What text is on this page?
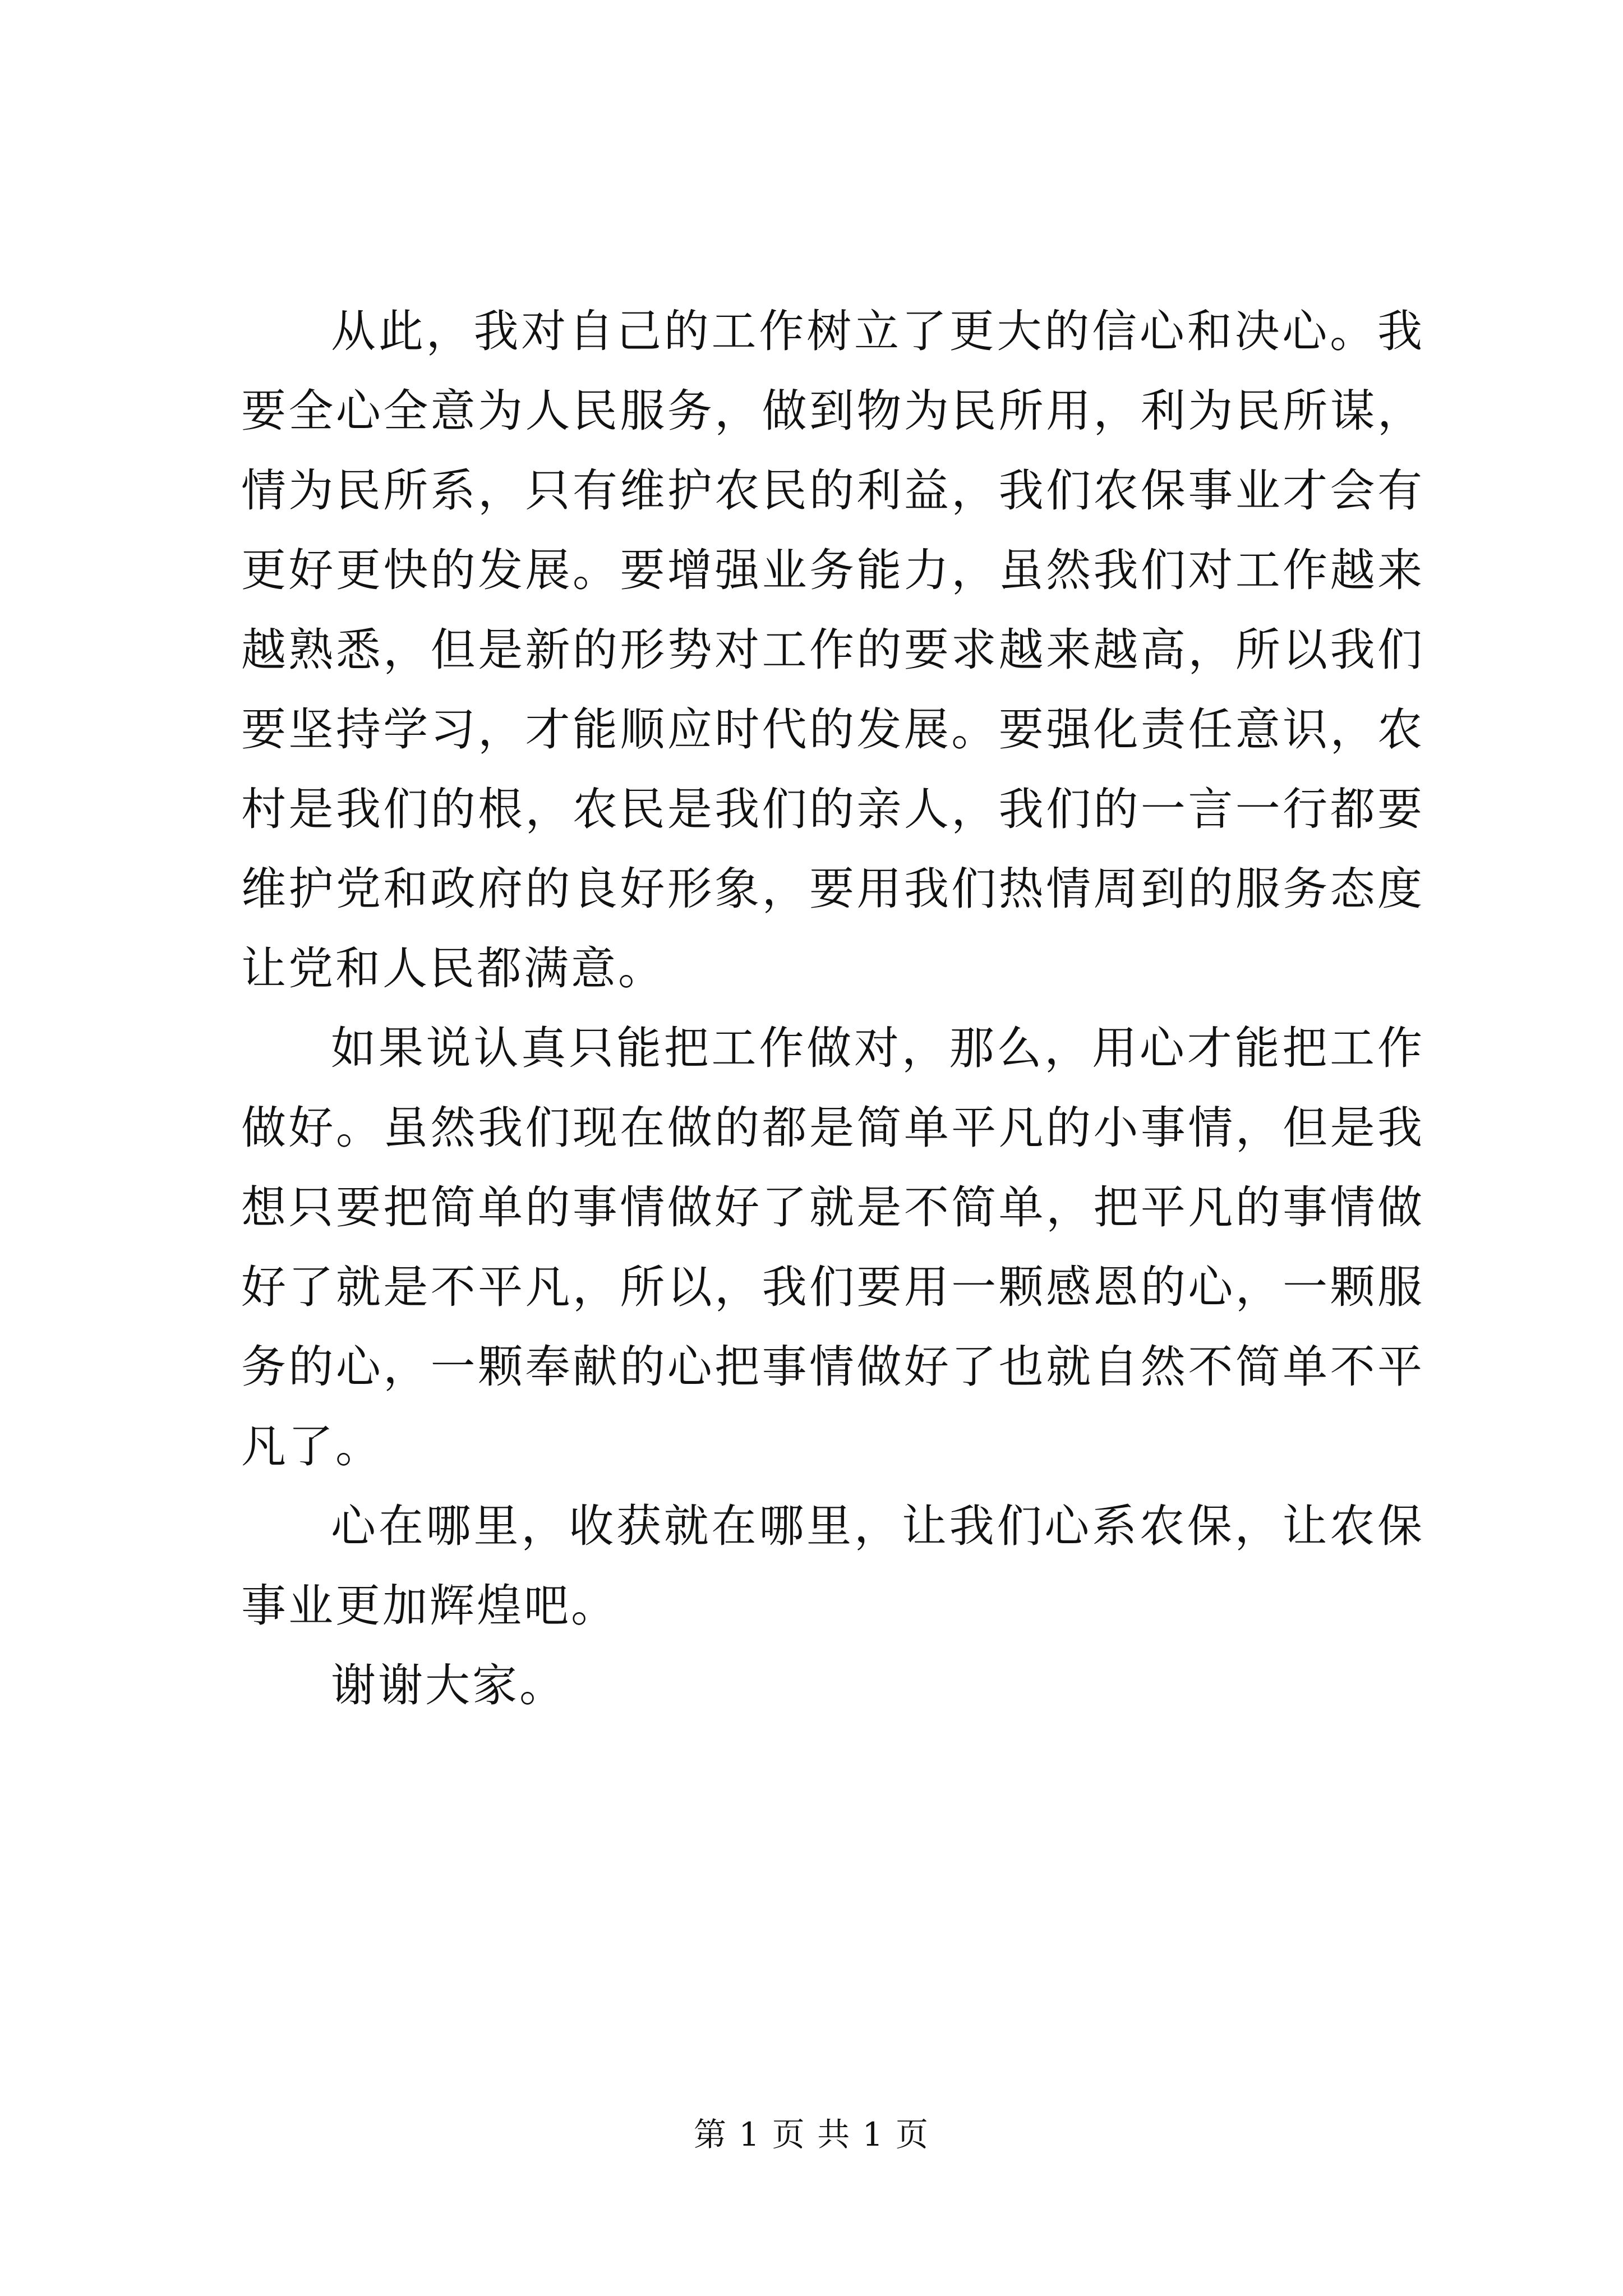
从此，我对自己的工作树立了更大的信心和决心。我要全心全意为人民服务，做到物为民所用，利为民所谋，情为民所系，只有维护农民的利益，我们农保事业才会有更好更快的发展。要增强业务能力，虽然我们对工作越来越熟悉，但是新的形势对工作的要求越来越高，所以我们要坚持学习，才能顺应时代的发展。要强化责任意识，农村是我们的根，农民是我们的亲人，我们的一言一行都要维护党和政府的良好形象，要用我们热情周到的服务态度让党和人民都满意。

如果说认真只能把工作做对，那么，用心才能把工作做好。虽然我们现在做的都是简单平凡的小事情，但是我想只要把简单的事情做好了就是不简单，把平凡的事情做好了就是不平凡，所以，我们要用一颗感恩的心，一颗服务的心，一颗奉献的心把事情做好了也就自然不简单不平凡了。

心在哪里，收获就在哪里，让我们心系农保，让农保事业更加辉煌吧。

谢谢大家。

第 1 页 共 1 页
